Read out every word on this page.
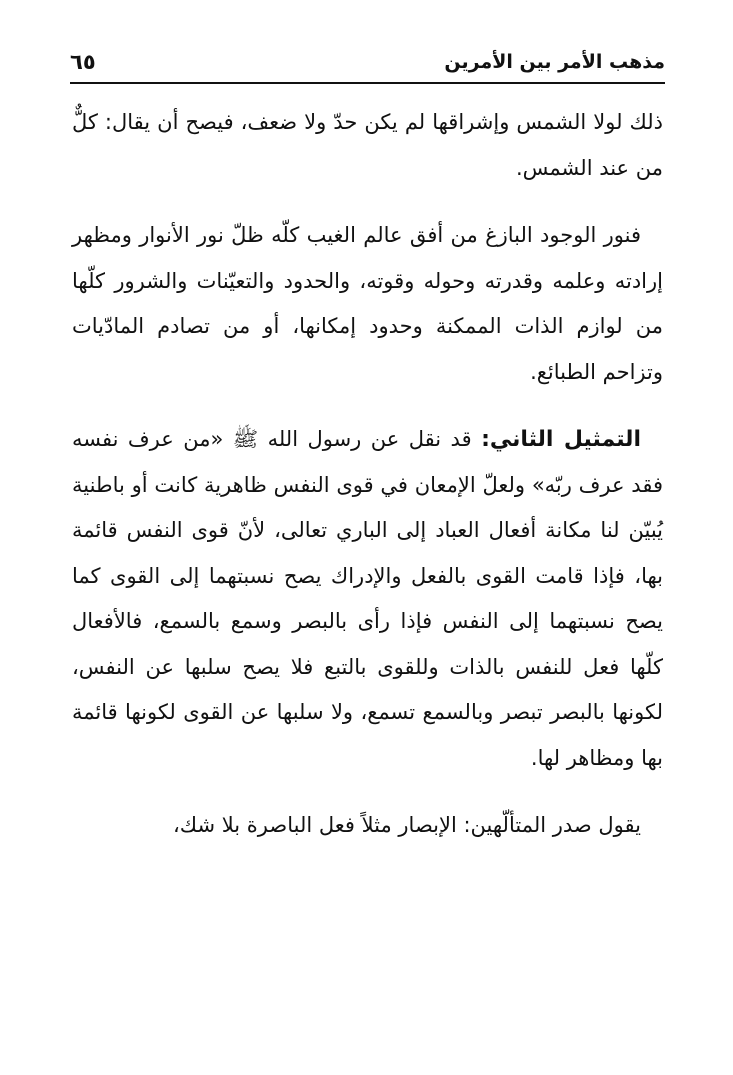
مذهب الأمر بين الأمرين
٦٥

ذلك لولا الشمس وإشراقها لم يكن حدّ ولا ضعف، فيصح أن يقال: كلٌّ من عند الشمس.

فنور الوجود البازغ من أفق عالم الغيب كلّه ظلّ نور الأنوار ومظهر إرادته وعلمه وقدرته وحوله وقوته، والحدود والتعيّنات والشرور كلّها من لوازم الذات الممكنة وحدود إمكانها، أو من تصادم المادّيات وتزاحم الطبائع.

التمثيل الثاني: قد نقل عن رسول الله ﷺ «من عرف نفسه فقد عرف ربّه» ولعلّ الإمعان في قوى النفس ظاهرية كانت أو باطنية يُبيّن لنا مكانة أفعال العباد إلى الباري تعالى، لأنّ قوى النفس قائمة بها، فإذا قامت القوى بالفعل والإدراك يصح نسبتهما إلى القوى كما يصح نسبتهما إلى النفس فإذا رأى بالبصر وسمع بالسمع، فالأفعال كلّها فعل للنفس بالذات وللقوى بالتبع فلا يصح سلبها عن النفس، لكونها بالبصر تبصر وبالسمع تسمع، ولا سلبها عن القوى لكونها قائمة بها ومظاهر لها.

يقول صدر المتألّهين: الإبصار مثلاً فعل الباصرة بلا شك،
